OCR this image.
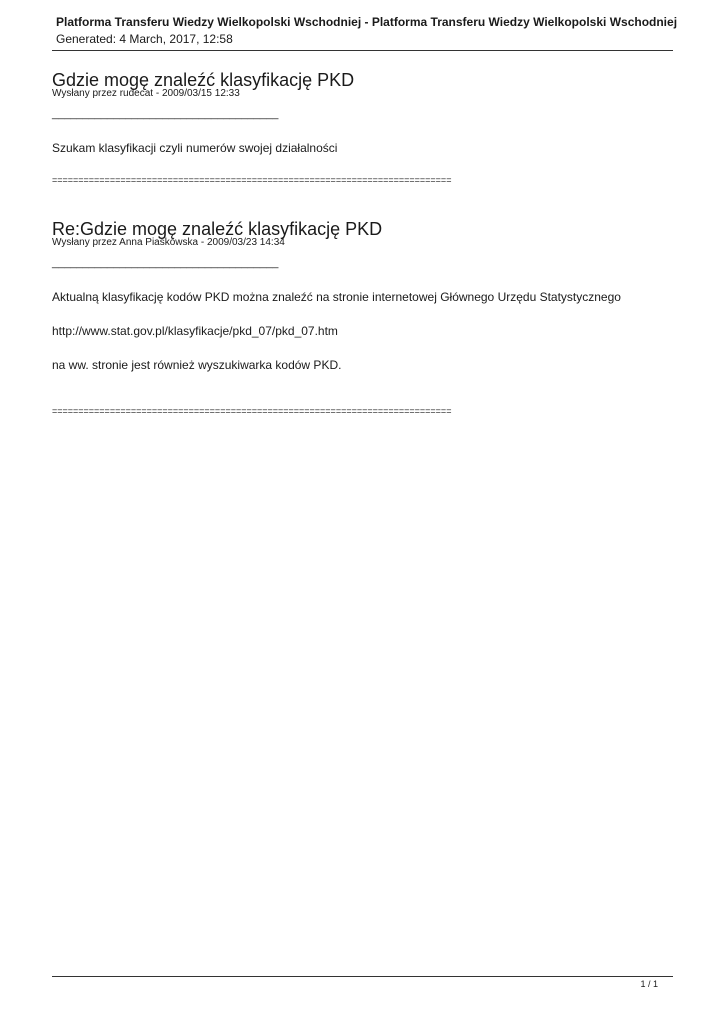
Platforma Transferu Wiedzy Wielkopolski Wschodniej - Platforma Transferu Wiedzy Wielkopolski Wschodniej
Generated: 4 March, 2017, 12:58
Gdzie mogę znaleźć klasyfikację PKD
Wysłany przez rudecat - 2009/03/15 12:33
_____________________________________

Szukam klasyfikacji czyli numerów swojej działalności

============================================================================
Re:Gdzie mogę znaleźć klasyfikację PKD
Wysłany przez Anna Piaskowska - 2009/03/23 14:34
_____________________________________

Aktualną klasyfikację kodów PKD można znaleźć na stronie internetowej Głównego Urzędu Statystycznego

http://www.stat.gov.pl/klasyfikacje/pkd_07/pkd_07.htm

na ww. stronie jest również wyszukiwarka kodów PKD.

============================================================================
1 / 1
